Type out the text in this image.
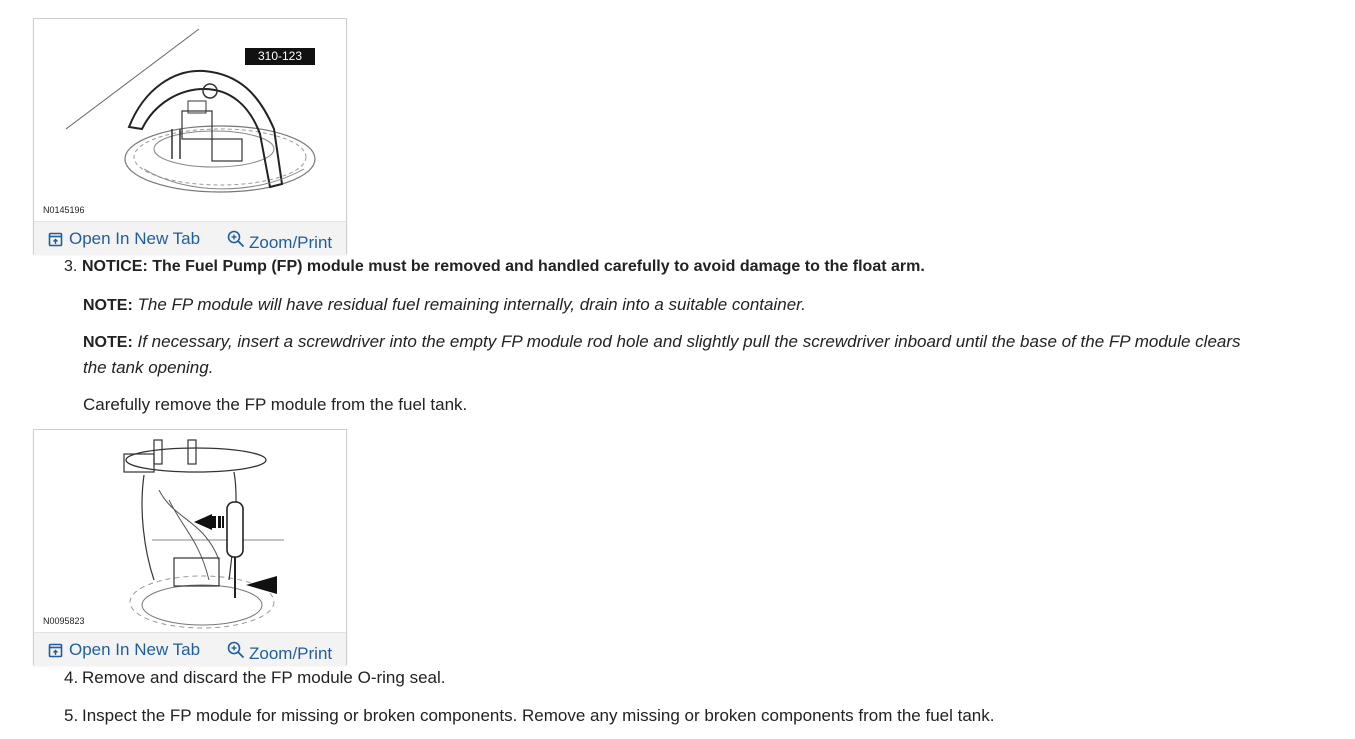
310-123
N0145196
Open In New Tab	Zoom/Print
3. NOTICE: The Fuel Pump (FP) module must be removed and handled carefully to avoid damage to the float arm.
NOTE: The FP module will have residual fuel remaining internally, drain into a suitable container.
NOTE: If necessary, insert a screwdriver into the empty FP module rod hole and slightly pull the screwdriver inboard until the base of the FP module clears the tank opening.
Carefully remove the FP module from the fuel tank.
N0095823
Open In New Tab	Zoom/Print
4. Remove and discard the FP module O-ring seal.
5. Inspect the FP module for missing or broken components. Remove any missing or broken components from the fuel tank.
